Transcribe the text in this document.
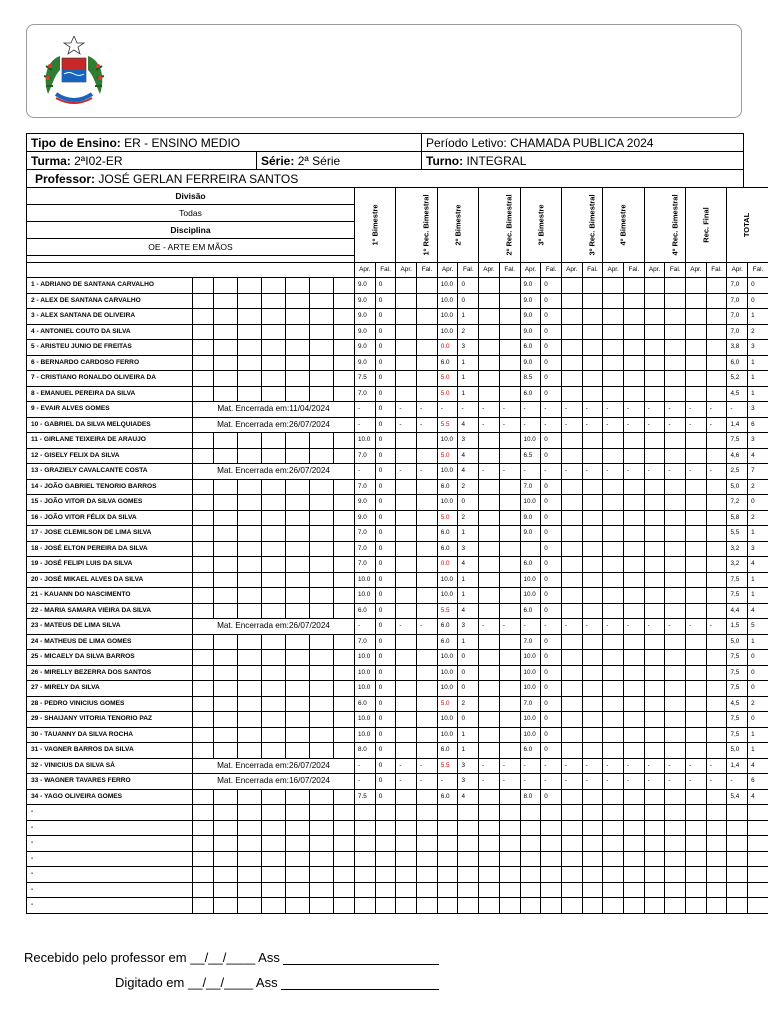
Tipo de Ensino: ER - ENSINO MEDIO		Período Letivo: CHAMADA PUBLICA 2024
Turma: 2ªI02-ER	Série: 2ª Série	Turno: INTEGRAL
Professor: JOSÉ GERLAN FERREIRA SANTOS		
Divisão								1º Bimestre		1º Rec. Bimestral		2º Bimestre		2º Rec. Bimestral		3º Bimestre		3º Rec. Bimestral		4º Bimestre		4º Rec. Bimestral		Rec. Final		TOTAL	
Todas																											
Disciplina																											
OE - ARTE EM MÃOS																											

								Apr.	Fal.	Apr.	Fal.	Apr.	Fal.	Apr.	Fal.	Apr.	Fal.	Apr.	Fal.	Apr.	Fal.	Apr.	Fal.	Apr.	Fal.	Apr.	Fal.
1 - ADRIANO DE SANTANA CARVALHO								9.0	0			10.0	0			9.0	0									7,0	0
2 - ALEX DE SANTANA CARVALHO								9.0	0			10.0	0			9.0	0									7,0	0
3 - ALEX SANTANA DE OLIVEIRA								9.0	0			10.0	1			9.0	0									7,0	1
4 - ANTONIEL COUTO DA SILVA								9.0	0			10.0	2			9.0	0									7,0	2
5 - ARISTEU JUNIO DE FREITAS								9.0	0			0.0	3			6.0	0									3,8	3
6 - BERNARDO CARDOSO FERRO								9.0	0			6.0	1			9.0	0									6,0	1
7 - CRISTIANO RONALDO OLIVEIRA DA								7.5	0			5.0	1			8.5	0									5,2	1
8 - EMANUEL PEREIRA DA SILVA								7.0	0			5.0	1			6.0	0									4,5	1
9 - EVAIR ALVES GOMES	Mat. Encerrada em:11/04/2024							-	0	-	-	-	-	-	-	-	-	-	-	-	-	-	-	-	-	-	3
10 - GABRIEL DA SILVA MELQUIADES	Mat. Encerrada em:26/07/2024							-	0	-	-	5.5	4	-	-	-	-	-	-	-	-	-	-	-	-	1,4	6
11 - GIRLANE TEIXEIRA DE ARAUJO								10.0	0			10.0	3			10.0	0									7,5	3
12 - GISELY FELIX DA SILVA								7.0	0			5.0	4			6.5	0									4,6	4
13 - GRAZIELY CAVALCANTE COSTA	Mat. Encerrada em:26/07/2024							-	0	-	-	10.0	4	-	-	-	-	-	-	-	-	-	-	-	-	2,5	7
14 - JOÃO GABRIEL TENORIO BARROS								7.0	0			6.0	2			7.0	0									5,0	2
15 - JOÃO VITOR DA SILVA GOMES								9.0	0			10.0	0			10.0	0									7,2	0
16 - JOÃO VITOR FÉLIX DA SILVA								9.0	0			5.0	2			9.0	0									5,8	2
17 - JOSE CLEMILSON DE LIMA SILVA								7.0	0			6.0	1			9.0	0									5,5	1
18 - JOSÉ ELTON PEREIRA DA SILVA								7.0	0			6.0	3				0									3,2	3
19 - JOSÉ FELIPI LUIS DA SILVA								7.0	0			0.0	4			6.0	0									3,2	4
20 - JOSÉ MIKAEL ALVES DA SILVA								10.0	0			10.0	1			10.0	0									7,5	1
21 - KAUANN DO NASCIMENTO								10.0	0			10.0	1			10.0	0									7,5	1
22 - MARIA SAMARA VIEIRA DA SILVA								6.0	0			5.5	4			6.0	0									4,4	4
23 - MATEUS DE LIMA SILVA	Mat. Encerrada em:26/07/2024							-	0	-	-	6.0	3	-	-	-	-	-	-	-	-	-	-	-	-	1,5	5
24 - MATHEUS DE LIMA GOMES								7.0	0			6.0	1			7.0	0									5,0	1
25 - MICAELY DA SILVA BARROS								10.0	0			10.0	0			10.0	0									7,5	0
26 - MIRELLY BEZERRA DOS SANTOS								10.0	0			10.0	0			10.0	0									7,5	0
27 - MIRELY DA SILVA								10.0	0			10.0	0			10.0	0									7,5	0
28 - PEDRO VINICIUS GOMES								6.0	0			5.0	2			7.0	0									4,5	2
29 - SHAIJANY VITORIA TENORIO PAZ								10.0	0			10.0	0			10.0	0									7,5	0
30 - TAUANNY DA SILVA ROCHA								10.0	0			10.0	1			10.0	0									7,5	1
31 - VAGNER BARROS DA SILVA								8.0	0			6.0	1			6.0	0									5,0	1
32 - VINICIUS DA SILVA SÁ	Mat. Encerrada em:26/07/2024							-	0	-	-	5.5	3	-	-	-	-	-	-	-	-	-	-	-	-	1,4	4
33 - WAGNER TAVARES FERRO	Mat. Encerrada em:16/07/2024							-	0	-	-	-	3	-	-	-	-	-	-	-	-	-	-	-	-	-	6
34 - YAGO OLIVEIRA GOMES								7.5	0			6.0	4			8.0	0									5,4	4
-																											
-																											
-																											
-																											
-																											
-																											
-																											
Recebido pelo professor em __/__/____ Ass
Digitado em __/__/____ Ass
